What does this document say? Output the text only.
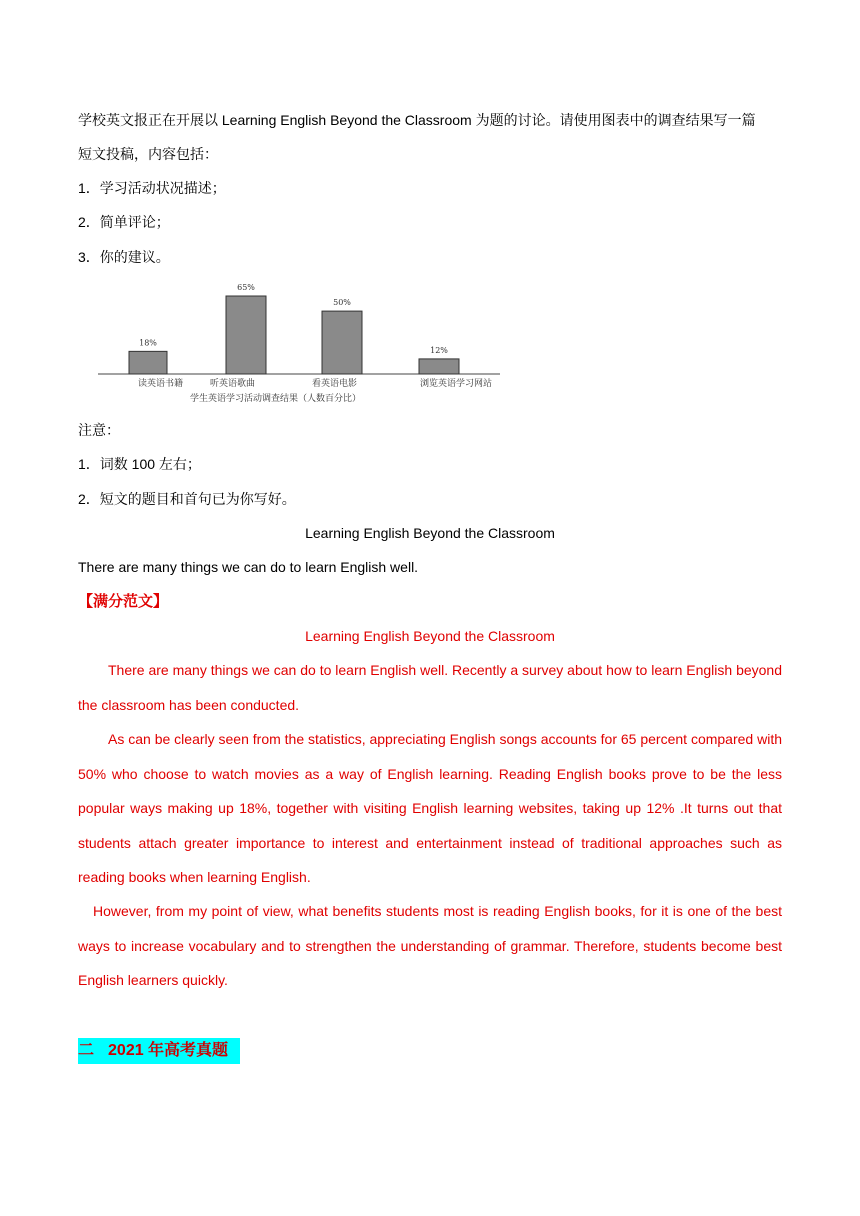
学校英文报正在开展以 Learning English Beyond the Classroom 为题的讨论。请使用图表中的调查结果写一篇
短文投稿，内容包括：
1．学习活动状况描述；
2．简单评论；
3．你的建议。
18%
读英语书籍
65%
听英语歌曲
50%
看英语电影
12%
浏览英语学习网站
学生英语学习活动调查结果（人数百分比）
注意：
1．词数 100 左右；
2．短文的题目和首句已为你写好。
Learning English Beyond the Classroom
There are many things we can do to learn English well.
【满分范文】
Learning English Beyond the Classroom
There are many things we can do to learn English well. Recently a survey about how to learn English beyond the classroom has been conducted.
As can be clearly seen from the statistics, appreciating English songs accounts for 65 percent compared with 50% who choose to watch movies as a way of English learning. Reading English books prove to be the less popular ways making up 18%, together with visiting English learning websites, taking up 12% .It turns out that students attach greater importance to interest and entertainment instead of traditional approaches such as reading books when learning English.
However, from my point of view, what benefits students most is reading English books, for it is one of the best ways to increase vocabulary and to strengthen the understanding of grammar. Therefore, students become best English learners quickly.
二 2021 年高考真题
